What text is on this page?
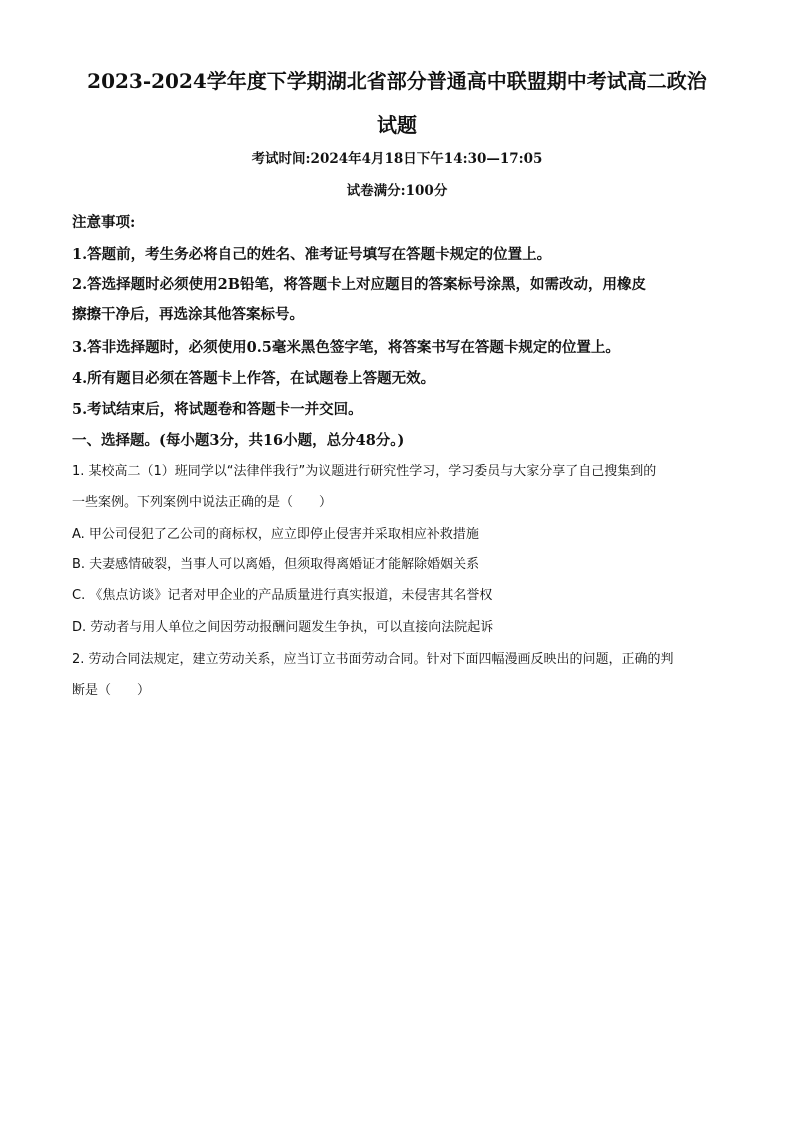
2023-2024学年度下学期湖北省部分普通高中联盟期中考试高二政治
试题
考试时间:2024年4月18日下午14:30—17:05
试卷满分:100分
注意事项:
1.答题前，考生务必将自己的姓名、准考证号填写在答题卡规定的位置上。
2.答选择题时必须使用2B铅笔，将答题卡上对应题目的答案标号涂黑，如需改动，用橡皮
擦擦干净后，再选涂其他答案标号。
3.答非选择题时，必须使用0.5毫米黑色签字笔，将答案书写在答题卡规定的位置上。
4.所有题目必须在答题卡上作答，在试题卷上答题无效。
5.考试结束后，将试题卷和答题卡一并交回。
一、选择题。(每小题3分，共16小题，总分48分。)
1. 某校高二（1）班同学以“法律伴我行”为议题进行研究性学习，学习委员与大家分享了自己搜集到的
一些案例。下列案例中说法正确的是（　　）
A. 甲公司侵犯了乙公司的商标权，应立即停止侵害并采取相应补救措施
B. 夫妻感情破裂，当事人可以离婚，但须取得离婚证才能解除婚姻关系
C. 《焦点访谈》记者对甲企业的产品质量进行真实报道，未侵害其名誉权
D. 劳动者与用人单位之间因劳动报酬问题发生争执，可以直接向法院起诉
2. 劳动合同法规定，建立劳动关系，应当订立书面劳动合同。针对下面四幅漫画反映出的问题，正确的判
断是（　　）
